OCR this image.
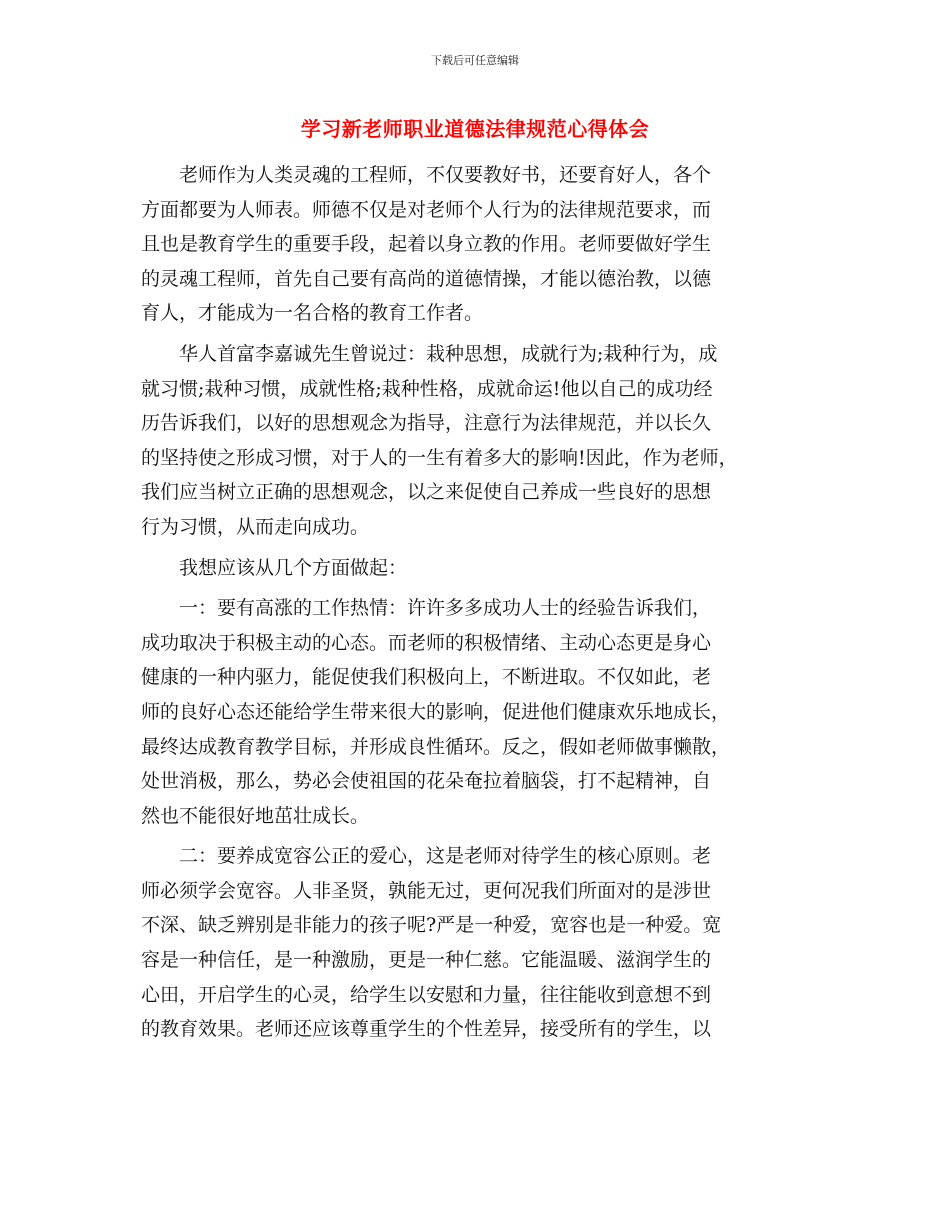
下载后可任意编辑
学习新老师职业道德法律规范心得体会
　　老师作为人类灵魂的工程师，不仅要教好书，还要育好人，各个
方面都要为人师表。师德不仅是对老师个人行为的法律规范要求，而
且也是教育学生的重要手段，起着以身立教的作用。老师要做好学生
的灵魂工程师，首先自己要有高尚的道德情操，才能以德治教，以德
育人，才能成为一名合格的教育工作者。
　　华人首富李嘉诚先生曾说过：栽种思想，成就行为;栽种行为，成
就习惯;栽种习惯，成就性格;栽种性格，成就命运!他以自己的成功经
历告诉我们，以好的思想观念为指导，注意行为法律规范，并以长久
的坚持使之形成习惯，对于人的一生有着多大的影响!因此，作为老师，
我们应当树立正确的思想观念，以之来促使自己养成一些良好的思想
行为习惯，从而走向成功。
　　我想应该从几个方面做起：
　　一：要有高涨的工作热情：许许多多成功人士的经验告诉我们，
成功取决于积极主动的心态。而老师的积极情绪、主动心态更是身心
健康的一种内驱力，能促使我们积极向上，不断进取。不仅如此，老
师的良好心态还能给学生带来很大的影响，促进他们健康欢乐地成长，
最终达成教育教学目标，并形成良性循环。反之，假如老师做事懒散，
处世消极，那么，势必会使祖国的花朵奄拉着脑袋，打不起精神，自
然也不能很好地茁壮成长。
　　二：要养成宽容公正的爱心，这是老师对待学生的核心原则。老
师必须学会宽容。人非圣贤，孰能无过，更何况我们所面对的是涉世
不深、缺乏辨别是非能力的孩子呢?严是一种爱，宽容也是一种爱。宽
容是一种信任，是一种激励，更是一种仁慈。它能温暖、滋润学生的
心田，开启学生的心灵，给学生以安慰和力量，往往能收到意想不到
的教育效果。老师还应该尊重学生的个性差异，接受所有的学生，以
